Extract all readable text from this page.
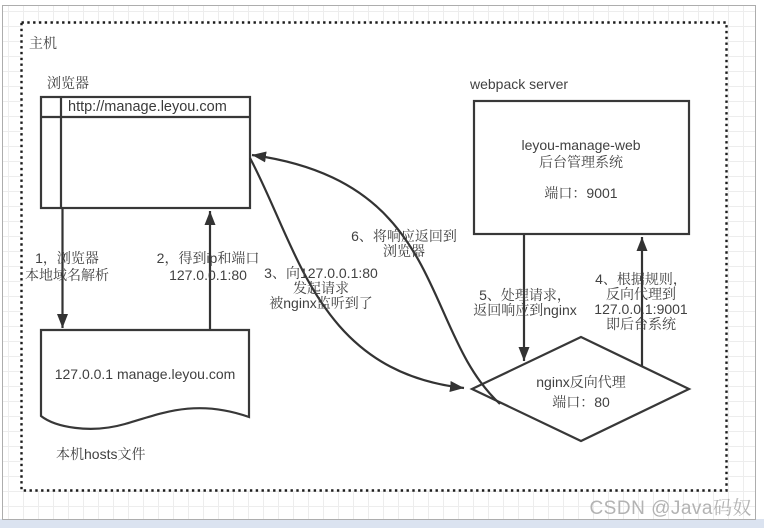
主机
浏览器
http://manage.leyou.com
webpack server
leyou-manage-web
后台管理系统
端口：9001
nginx反向代理
端口：80
127.0.0.1 manage.leyou.com
本机hosts文件
1，浏览器
本地域名解析
2，得到ip和端口
127.0.0.1:80	3、向127.0.0.1:80
发起请求
被nginx监听到了
4、根据规则，
反向代理到
127.0.0.1:9001
即后台系统
5、处理请求，
返回响应到nginx
6、将响应返回到
浏览器
CSDN @Java码奴
